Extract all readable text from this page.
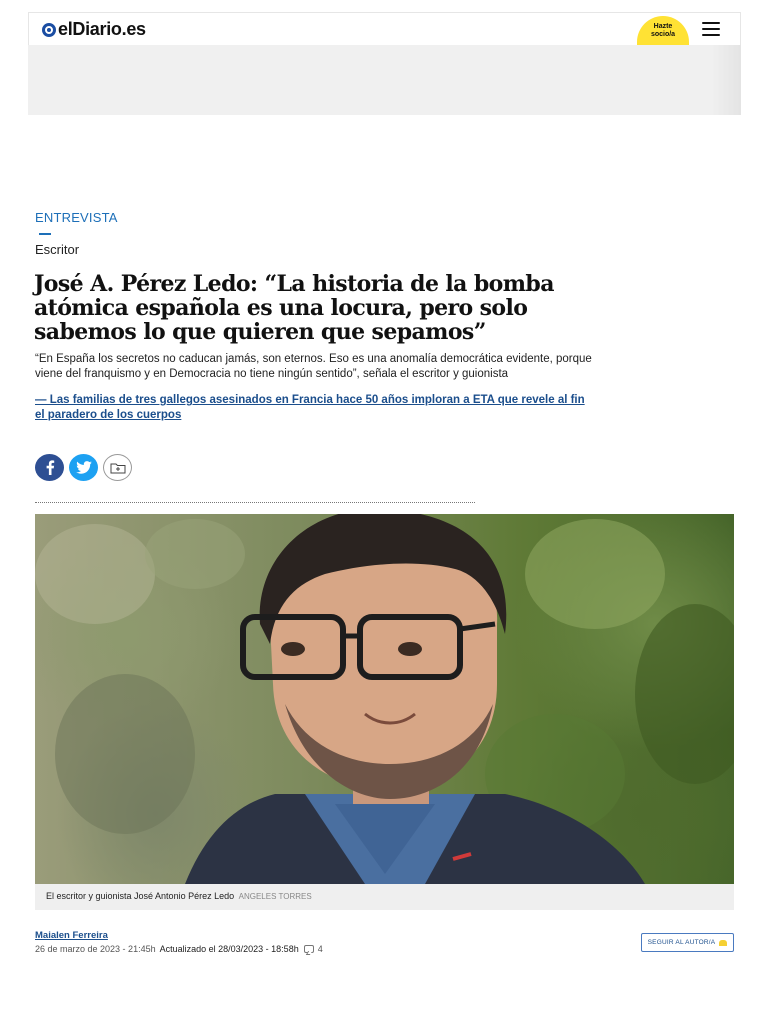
elDiario.es	Hazte
socio/a
ENTREVISTA
Escritor
José A. Pérez Ledo: “La historia de la bomba atómica española es una locura, pero solo sabemos lo que quieren que sepamos”

“En España los secretos no caducan jamás, son eternos. Eso es una anomalía democrática evidente, porque viene del franquismo y en Democracia no tiene ningún sentido”, señala el escritor y guionista

— Las familias de tres gallegos asesinados en Francia hace 50 años imploran a ETA que revele al fin el paradero de los cuerpos
El escritor y guionista José Antonio Pérez Ledo ANGELES TORRES
Maialen Ferreira
26 de marzo de 2023 - 21:45h Actualizado el 28/03/2023 - 18:58h 4
SEGUIR AL AUTOR/A
